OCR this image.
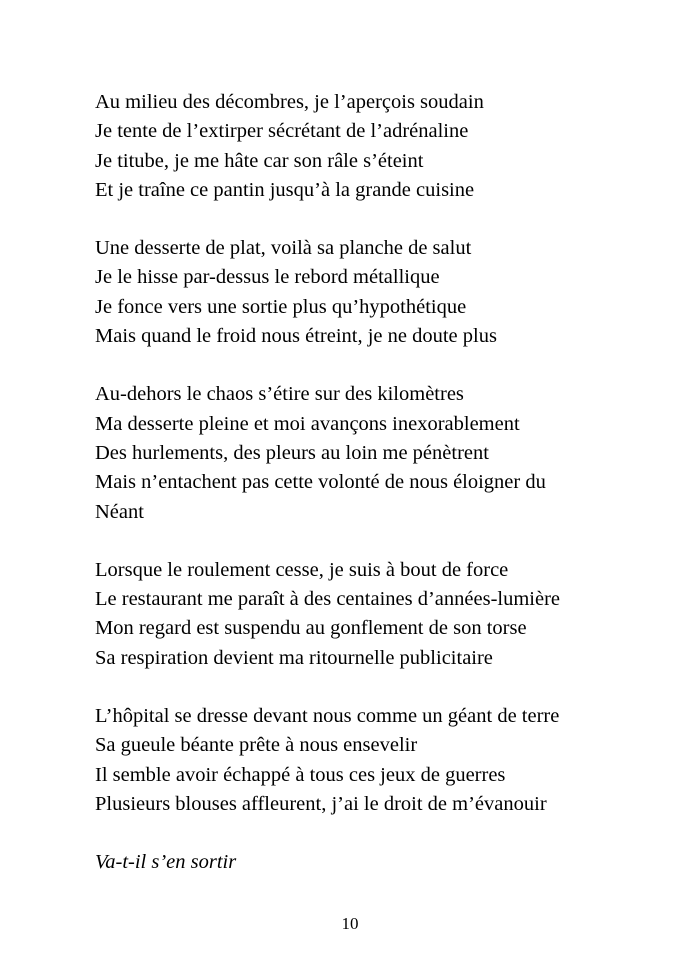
Au milieu des décombres, je l’aperçois soudain
Je tente de l’extirper sécrétant de l’adrénaline
Je titube, je me hâte car son râle s’éteint
Et je traîne ce pantin jusqu’à la grande cuisine
Une desserte de plat, voilà sa planche de salut
Je le hisse par-dessus le rebord métallique
Je fonce vers une sortie plus qu’hypothétique
Mais quand le froid nous étreint, je ne doute plus
Au-dehors le chaos s’étire sur des kilomètres
Ma desserte pleine et moi avançons inexorablement
Des hurlements, des pleurs au loin me pénètrent
Mais n’entachent pas cette volonté de nous éloigner du
Néant
Lorsque le roulement cesse, je suis à bout de force
Le restaurant me paraît à des centaines d’années-lumière
Mon regard est suspendu au gonflement de son torse
Sa respiration devient ma ritournelle publicitaire
L’hôpital se dresse devant nous comme un géant de terre
Sa gueule béante prête à nous ensevelir
Il semble avoir échappé à tous ces jeux de guerres
Plusieurs blouses affleurent, j’ai le droit de m’évanouir
Va-t-il s’en sortir
10
